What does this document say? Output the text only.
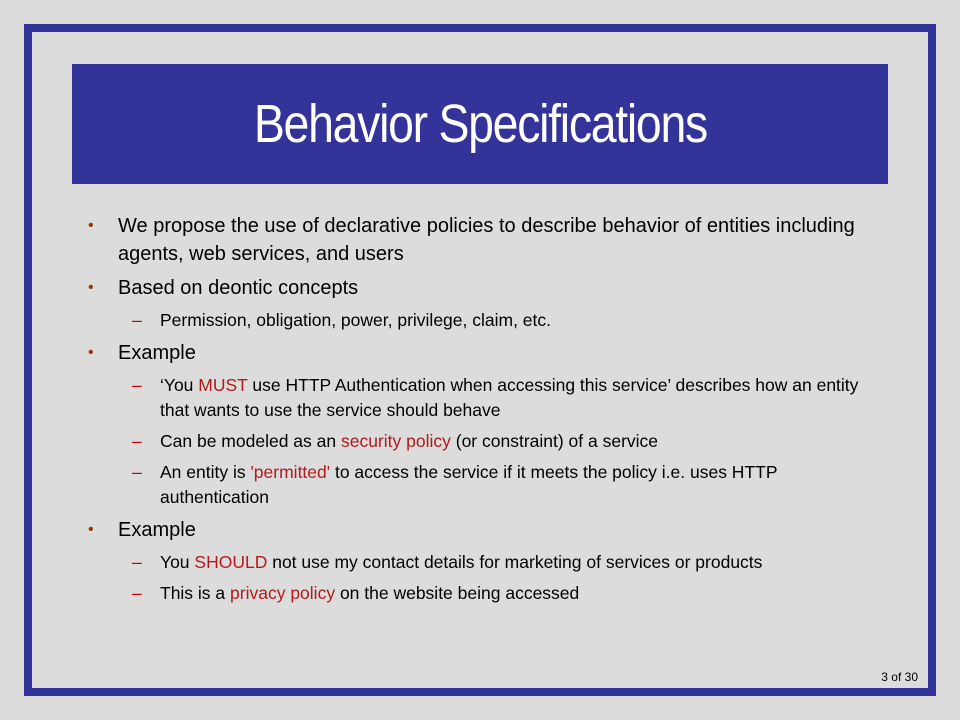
Behavior Specifications
• We propose the use of declarative policies to describe behavior of entities including agents, web services, and users
• Based on deontic concepts
– Permission, obligation, power, privilege, claim, etc.
• Example
– ‘You MUST use HTTP Authentication when accessing this service’ describes how an entity that wants to use the service should behave
– Can be modeled as an security policy (or constraint) of a service
– An entity is 'permitted' to access the service if it meets the policy i.e. uses HTTP authentication
• Example
– You SHOULD not use my contact details for marketing of services or products
– This is a privacy policy on the website being accessed
3 of 30
